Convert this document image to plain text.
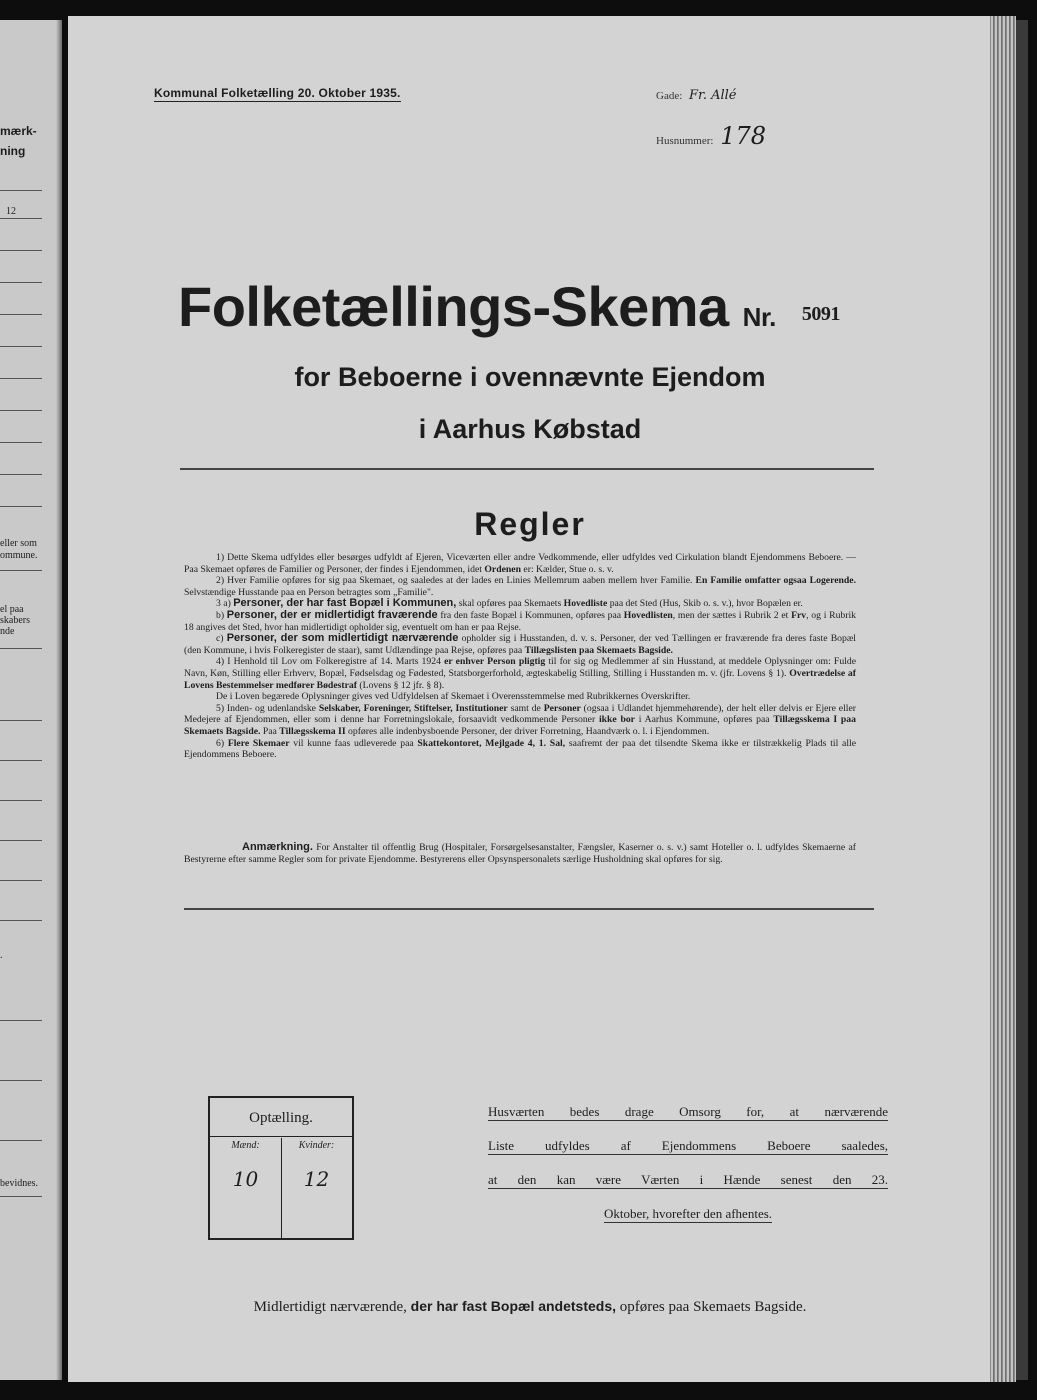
mærk-
ning
12
eller som
ommune.
el paa
skabers
nde
.
bevidnes.
Kommunal Folketælling 20. Oktober 1935.	Gade: Fr. Allé
Husnummer: 178
Folketællings-Skema Nr. 5091
for Beboerne i ovennævnte Ejendom
i Aarhus Købstad
Regler

1) Dette Skema udfyldes eller besørges udfyldt af Ejeren, Viceværten eller andre Vedkommende, eller udfyldes ved Cirkulation blandt Ejendommens Beboere. — Paa Skemaet opføres de Familier og Personer, der findes i Ejendommen, idet Ordenen er: Kælder, Stue o. s. v.

2) Hver Familie opføres for sig paa Skemaet, og saaledes at der lades en Linies Mellemrum aaben mellem hver Familie. En Familie omfatter ogsaa Logerende. Selvstændige Husstande paa en Person betragtes som „Familie".

3 a) Personer, der har fast Bopæl i Kommunen, skal opføres paa Skemaets Hovedliste paa det Sted (Hus, Skib o. s. v.), hvor Bopælen er.

b) Personer, der er midlertidigt fraværende fra den faste Bopæl i Kommunen, opføres paa Hovedlisten, men der sættes i Rubrik 2 et Frv, og i Rubrik 18 angives det Sted, hvor han midlertidigt opholder sig, eventuelt om han er paa Rejse.

c) Personer, der som midlertidigt nærværende opholder sig i Husstanden, d. v. s. Personer, der ved Tællingen er fraværende fra deres faste Bopæl (den Kommune, i hvis Folkeregister de staar), samt Udlændinge paa Rejse, opføres paa Tillægslisten paa Skemaets Bagside.

4) I Henhold til Lov om Folkeregistre af 14. Marts 1924 er enhver Person pligtig til for sig og Medlemmer af sin Husstand, at meddele Oplysninger om: Fulde Navn, Køn, Stilling eller Erhverv, Bopæl, Fødselsdag og Fødested, Statsborgerforhold, ægteskabelig Stilling, Stilling i Husstanden m. v. (jfr. Lovens § 1). Overtrædelse af Lovens Bestemmelser medfører Bødestraf (Lovens § 12 jfr. § 8).

De i Loven begærede Oplysninger gives ved Udfyldelsen af Skemaet i Overensstemmelse med Rubrikkernes Overskrifter.

5) Inden- og udenlandske Selskaber, Foreninger, Stiftelser, Institutioner samt de Personer (ogsaa i Udlandet hjemmehørende), der helt eller delvis er Ejere eller Medejere af Ejendommen, eller som i denne har Forretningslokale, forsaavidt vedkommende Personer ikke bor i Aarhus Kommune, opføres paa Tillægsskema I paa Skemaets Bagside. Paa Tillægsskema II opføres alle indenbysboende Personer, der driver Forretning, Haandværk o. l. i Ejendommen.

6) Flere Skemaer vil kunne faas udleverede paa Skattekontoret, Mejlgade 4, 1. Sal, saafremt der paa det tilsendte Skema ikke er tilstrækkelig Plads til alle Ejendommens Beboere.

Anmærkning. For Anstalter til offentlig Brug (Hospitaler, Forsørgelsesanstalter, Fængsler, Kaserner o. s. v.) samt Hoteller o. l. udfyldes Skemaerne af Bestyrerne efter samme Regler som for private Ejendomme. Bestyrerens eller Opsynspersonalets særlige Husholdning skal opføres for sig.

Optælling.
Mænd:
10
Kvinder:
12
Husværten bedes drage Omsorg for, at nærværende
Liste udfyldes af Ejendommens Beboere saaledes,
at den kan være Værten i Hænde senest den 23.
Oktober, hvorefter den afhentes.
Midlertidigt nærværende, der har fast Bopæl andetsteds, opføres paa Skemaets Bagside.
